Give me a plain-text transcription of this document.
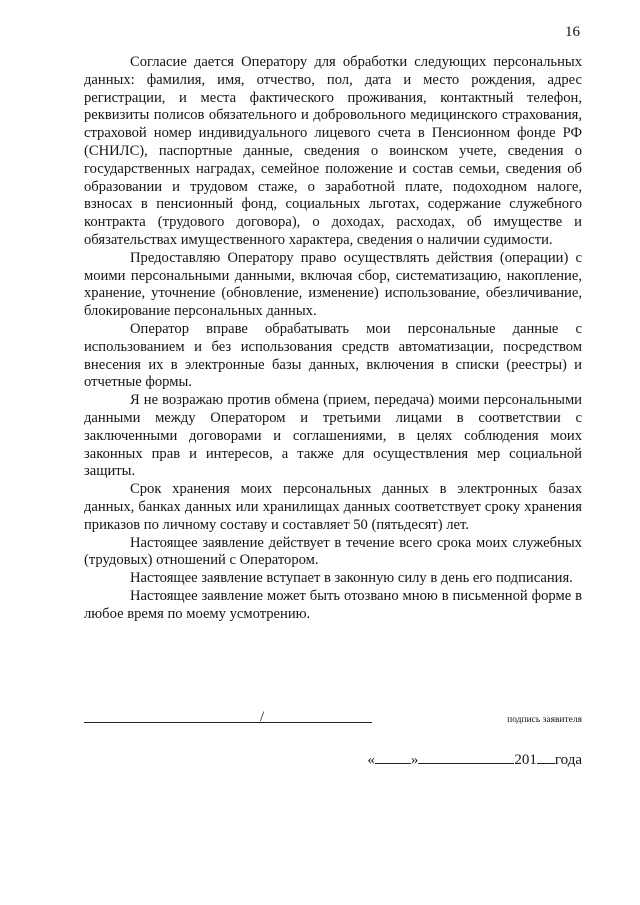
16

Согласие дается Оператору для обработки следующих персональных данных: фамилия, имя, отчество, пол, дата и место рождения, адрес регистрации, и места фактического проживания, контактный телефон, реквизиты полисов обязательного и добровольного медицинского страхования, страховой номер индивидуального лицевого счета в Пенсионном фонде РФ (СНИЛС), паспортные данные, сведения о воинском учете, сведения о государственных наградах, семейное положение и состав семьи, сведения об образовании и трудовом стаже, о заработной плате, подоходном налоге, взносах в пенсионный фонд, социальных льготах, содержание служебного контракта (трудового договора), о доходах, расходах, об имуществе и обязательствах имущественного характера, сведения о наличии судимости.

Предоставляю Оператору право осуществлять действия (операции) с моими персональными данными, включая сбор, систематизацию, накопление, хранение, уточнение (обновление, изменение) использование, обезличивание, блокирование персональных данных.

Оператор вправе обрабатывать мои персональные данные с использованием и без использования средств автоматизации, посредством внесения их в электронные базы данных, включения в списки (реестры) и отчетные формы.

Я не возражаю против обмена (прием, передача) моими персональными данными между Оператором и третьими лицами в соответствии с заключенными договорами и соглашениями, в целях соблюдения моих законных прав и интересов, а также для осуществления мер социальной защиты.

Срок хранения моих персональных данных в электронных базах данных, банках данных или хранилищах данных соответствует сроку хранения приказов по личному составу и составляет 50 (пятьдесят) лет.

Настоящее заявление действует в течение всего срока моих служебных (трудовых) отношений с Оператором.

Настоящее заявление вступает в законную силу в день его подписания.

Настоящее заявление может быть отозвано мною в письменной форме в любое время по моему усмотрению.

/	подпись заявителя
« »	201 года
